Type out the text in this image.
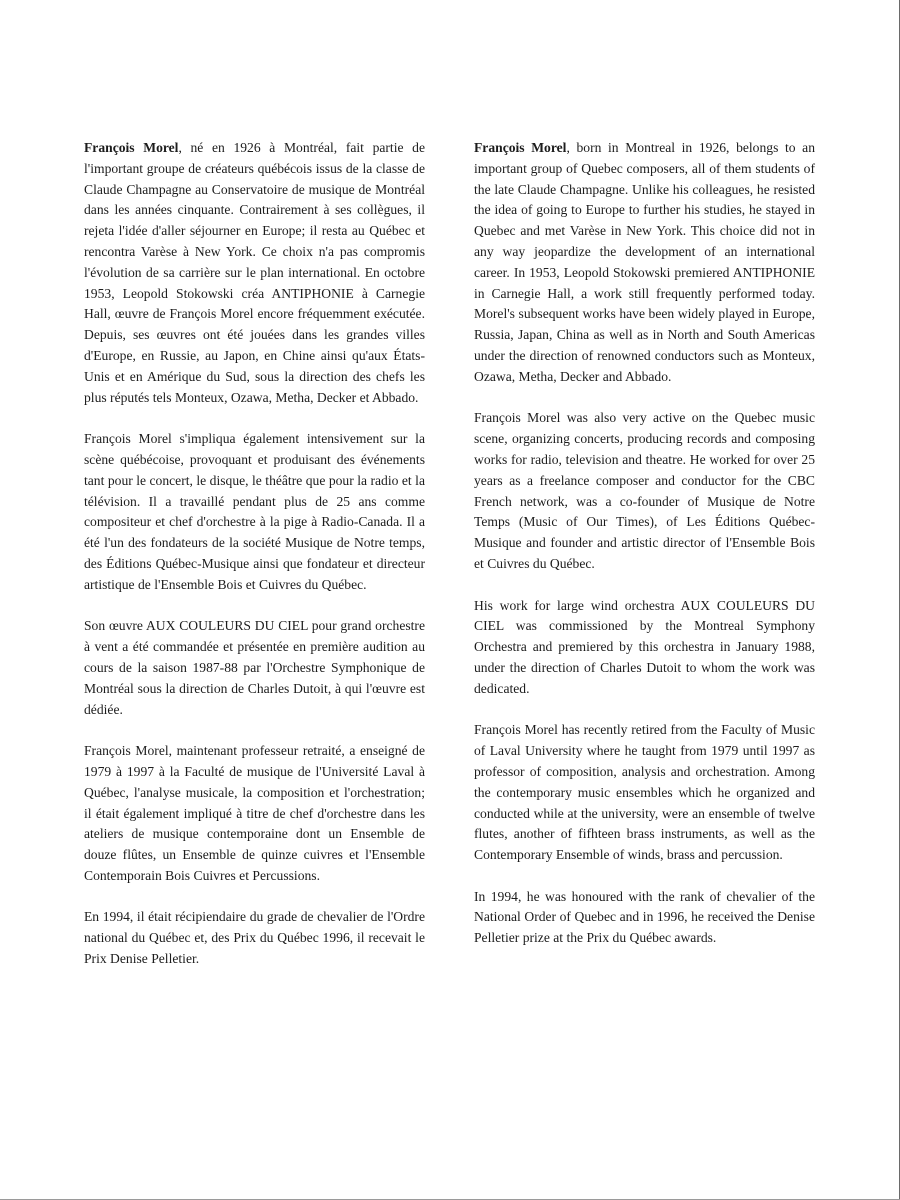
François Morel, né en 1926 à Montréal, fait partie de l'important groupe de créateurs québécois issus de la classe de Claude Champagne au Conservatoire de musique de Montréal dans les années cinquante. Contrairement à ses collègues, il rejeta l'idée d'aller séjourner en Europe; il resta au Québec et rencontra Varèse à New York. Ce choix n'a pas compromis l'évolution de sa carrière sur le plan international. En octobre 1953, Leopold Stokowski créa ANTIPHONIE à Carnegie Hall, œuvre de François Morel encore fréquemment exécutée. Depuis, ses œuvres ont été jouées dans les grandes villes d'Europe, en Russie, au Japon, en Chine ainsi qu'aux États-Unis et en Amérique du Sud, sous la direction des chefs les plus réputés tels Monteux, Ozawa, Metha, Decker et Abbado.

François Morel s'impliqua également intensivement sur la scène québécoise, provoquant et produisant des événements tant pour le concert, le disque, le théâtre que pour la radio et la télévision. Il a travaillé pendant plus de 25 ans comme compositeur et chef d'orchestre à la pige à Radio-Canada. Il a été l'un des fondateurs de la société Musique de Notre temps, des Éditions Québec-Musique ainsi que fondateur et directeur artistique de l'Ensemble Bois et Cuivres du Québec.

Son œuvre AUX COULEURS DU CIEL pour grand orchestre à vent a été commandée et présentée en première audition au cours de la saison 1987-88 par l'Orchestre Symphonique de Montréal sous la direction de Charles Dutoit, à qui l'œuvre est dédiée.

François Morel, maintenant professeur retraité, a enseigné de 1979 à 1997 à la Faculté de musique de l'Université Laval à Québec, l'analyse musicale, la composition et l'orchestration; il était également impliqué à titre de chef d'orchestre dans les ateliers de musique contemporaine dont un Ensemble de douze flûtes, un Ensemble de quinze cuivres et l'Ensemble Contemporain Bois Cuivres et Percussions.

En 1994, il était récipiendaire du grade de chevalier de l'Ordre national du Québec et, des Prix du Québec 1996, il recevait le Prix Denise Pelletier.

François Morel, born in Montreal in 1926, belongs to an important group of Quebec composers, all of them students of the late Claude Champagne. Unlike his colleagues, he resisted the idea of going to Europe to further his studies, he stayed in Quebec and met Varèse in New York. This choice did not in any way jeopardize the development of an international career. In 1953, Leopold Stokowski premiered ANTIPHONIE in Carnegie Hall, a work still frequently performed today. Morel's subsequent works have been widely played in Europe, Russia, Japan, China as well as in North and South Americas under the direction of renowned conductors such as Monteux, Ozawa, Metha, Decker and Abbado.

François Morel was also very active on the Quebec music scene, organizing concerts, producing records and composing works for radio, television and theatre. He worked for over 25 years as a freelance composer and conductor for the CBC French network, was a co-founder of Musique de Notre Temps (Music of Our Times), of Les Éditions Québec-Musique and founder and artistic director of l'Ensemble Bois et Cuivres du Québec.

His work for large wind orchestra AUX COULEURS DU CIEL was commissioned by the Montreal Symphony Orchestra and premiered by this orchestra in January 1988, under the direction of Charles Dutoit to whom the work was dedicated.

François Morel has recently retired from the Faculty of Music of Laval University where he taught from 1979 until 1997 as professor of composition, analysis and orchestration. Among the contemporary music ensembles which he organized and conducted while at the university, were an ensemble of twelve flutes, another of fifhteen brass instruments, as well as the Contemporary Ensemble of winds, brass and percussion.

In 1994, he was honoured with the rank of chevalier of the National Order of Quebec and in 1996, he received the Denise Pelletier prize at the Prix du Québec awards.
